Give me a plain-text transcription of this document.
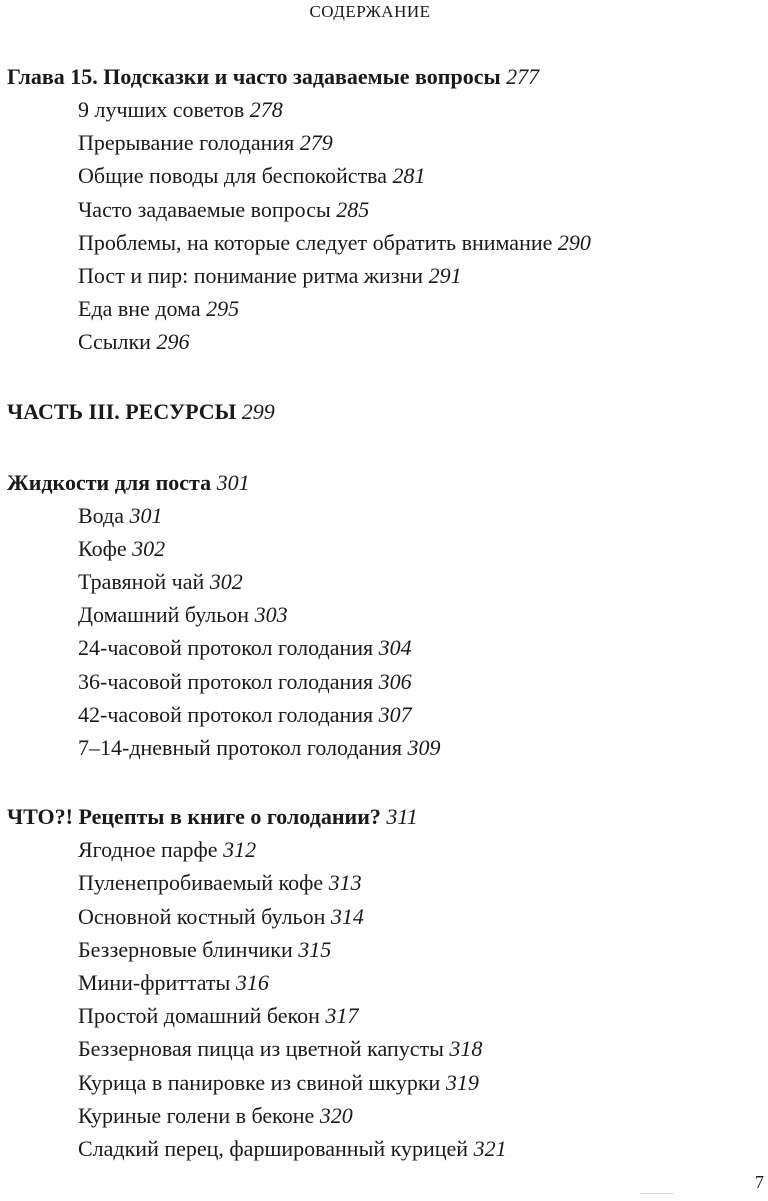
СОДЕРЖАНИЕ
Глава 15. Подсказки и часто задаваемые вопросы 277
9 лучших советов 278
Прерывание голодания 279
Общие поводы для беспокойства 281
Часто задаваемые вопросы 285
Проблемы, на которые следует обратить внимание 290
Пост и пир: понимание ритма жизни 291
Еда вне дома 295
Ссылки 296
ЧАСТЬ III. РЕСУРСЫ 299
Жидкости для поста 301
Вода 301
Кофе 302
Травяной чай 302
Домашний бульон 303
24-часовой протокол голодания 304
36-часовой протокол голодания 306
42-часовой протокол голодания 307
7–14-дневный протокол голодания 309
ЧТО?! Рецепты в книге о голодании? 311
Ягодное парфе 312
Пуленепробиваемый кофе 313
Основной костный бульон 314
Беззерновые блинчики 315
Мини-фриттаты 316
Простой домашний бекон 317
Беззерновая пицца из цветной капусты 318
Курица в панировке из свиной шкурки 319
Куриные голени в беконе 320
Сладкий перец, фаршированный курицей 321
7
